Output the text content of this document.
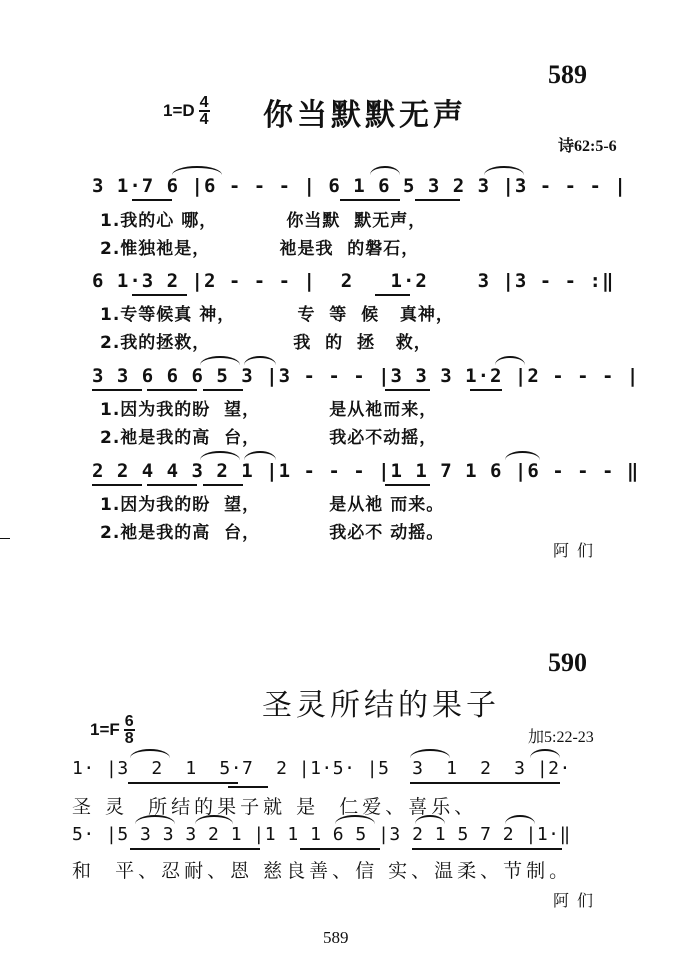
589
1=D 4
4 你当默默无声
诗62:5-6
3 1·7 6 |6 - - - | 6 1 6 5 3 2 3 |3 - - - |
1.我的心 哪，          你当默  默无声，
2.惟独祂是，          祂是我  的磐石，
6 1·3 2 |2 - - - |  2   1·2    3 |3 - - :‖
1.专等候真 神，         专  等  候   真神，
2.我的拯救，            我  的  拯   救，
3 3 6 6 6 5 3 |3 - - - |3 3 3 1·2 |2 - - - |
1.因为我的盼  望，          是从祂而来，
2.祂是我的高  台，          我必不动摇，
2 2 4 4 3 2 1 |1 - - - |1 1 7 1 6 |6 - - - ‖
1.因为我的盼  望，          是从祂 而来。
2.祂是我的高  台，          我必不 动摇。
阿们
590
圣灵所结的果子
1=F 6
8	加5:22-23
1· |3  2  1  5·7  2 |1·5· |5  3  1  2  3 |2·
圣 灵  所结的果子就 是  仁爱、喜乐、
5· |5 3 3 3 2 1 |1 1 1 6 5 |3 2 1 5 7 2 |1·‖
和  平、忍耐、恩 慈良善、信 实、温柔、节制。
阿们
589
